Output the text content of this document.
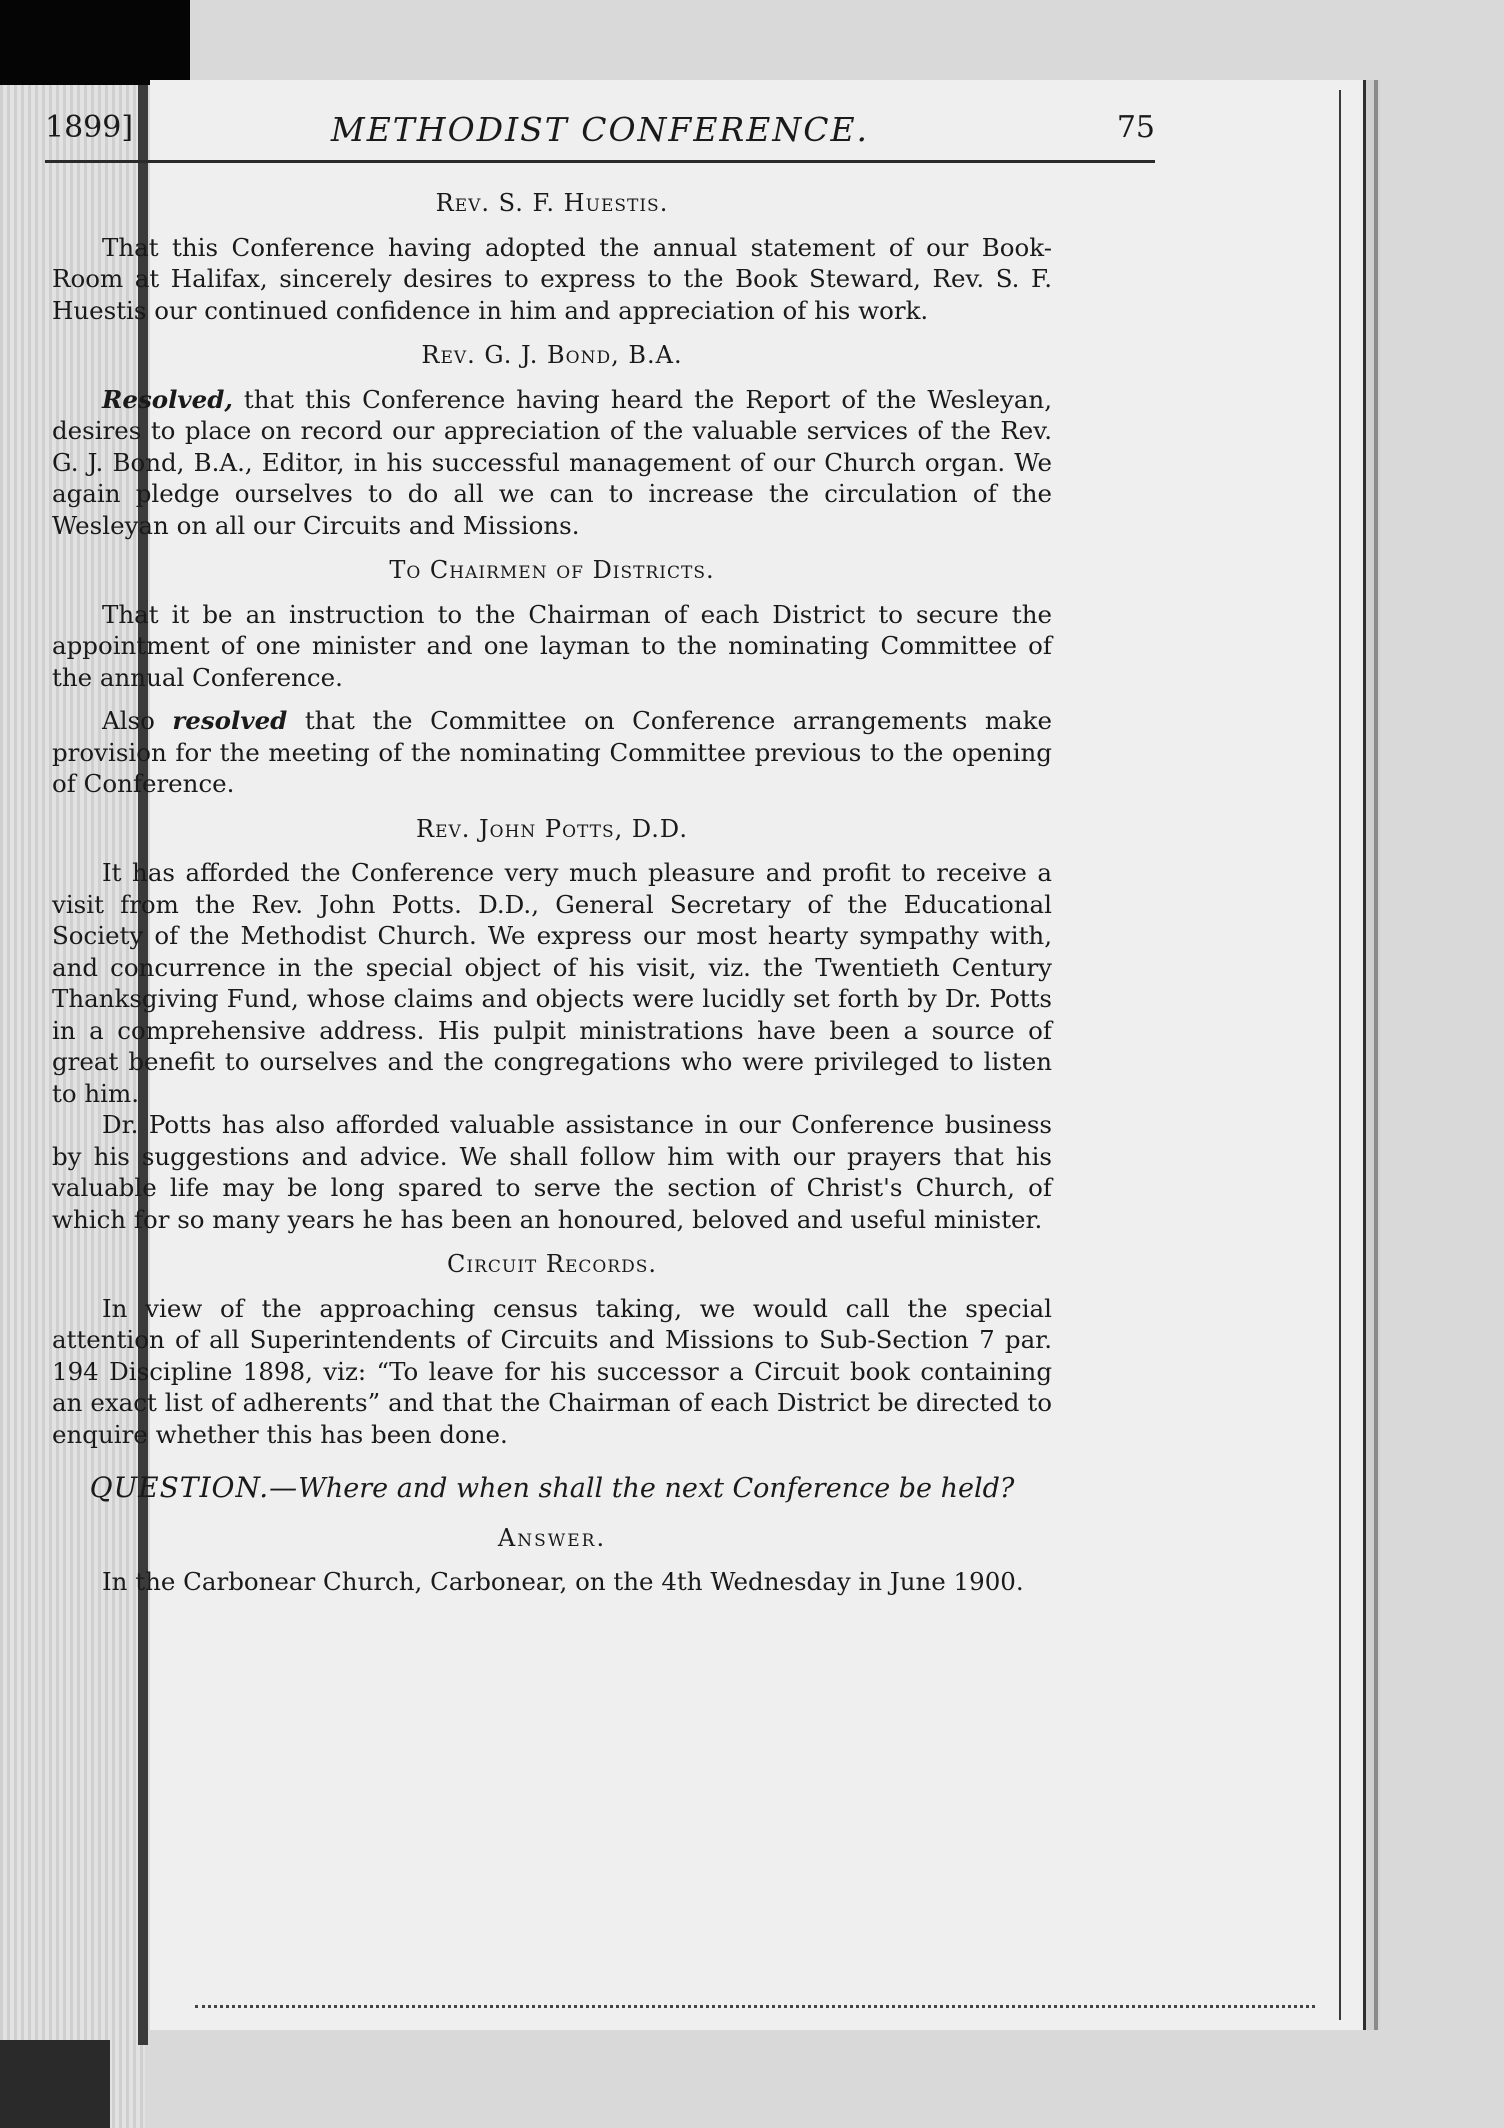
1899]	METHODIST CONFERENCE.	75
Rev. S. F. Huestis.

That this Conference having adopted the annual statement of our Book-Room at Halifax, sincerely desires to express to the Book Steward, Rev. S. F. Huestis our continued confidence in him and appreciation of his work.

Rev. G. J. Bond, B.A.

Resolved, that this Conference having heard the Report of the Wesleyan, desires to place on record our appreciation of the valuable services of the Rev. G. J. Bond, B.A., Editor, in his successful management of our Church organ. We again pledge ourselves to do all we can to increase the circulation of the Wesleyan on all our Circuits and Missions.

To Chairmen of Districts.

That it be an instruction to the Chairman of each District to secure the appointment of one minister and one layman to the nominating Committee of the annual Conference.

Also resolved that the Committee on Conference arrangements make provision for the meeting of the nominating Committee previous to the opening of Conference.

Rev. John Potts, D.D.

It has afforded the Conference very much pleasure and profit to receive a visit from the Rev. John Potts. D.D., General Secretary of the Educational Society of the Methodist Church. We express our most hearty sympathy with, and concurrence in the special object of his visit, viz. the Twentieth Century Thanksgiving Fund, whose claims and objects were lucidly set forth by Dr. Potts in a comprehensive address. His pulpit ministrations have been a source of great benefit to ourselves and the congregations who were privileged to listen to him.

Dr. Potts has also afforded valuable assistance in our Conference business by his suggestions and advice. We shall follow him with our prayers that his valuable life may be long spared to serve the section of Christ's Church, of which for so many years he has been an honoured, beloved and useful minister.

Circuit Records.

In view of the approaching census taking, we would call the special attention of all Superintendents of Circuits and Missions to Sub-Section 7 par. 194 Discipline 1898, viz: “To leave for his successor a Circuit book containing an exact list of adherents” and that the Chairman of each District be directed to enquire whether this has been done.

QUESTION.—Where and when shall the next Conference be held?
Answer.

In the Carbonear Church, Carbonear, on the 4th Wednesday in June 1900.
